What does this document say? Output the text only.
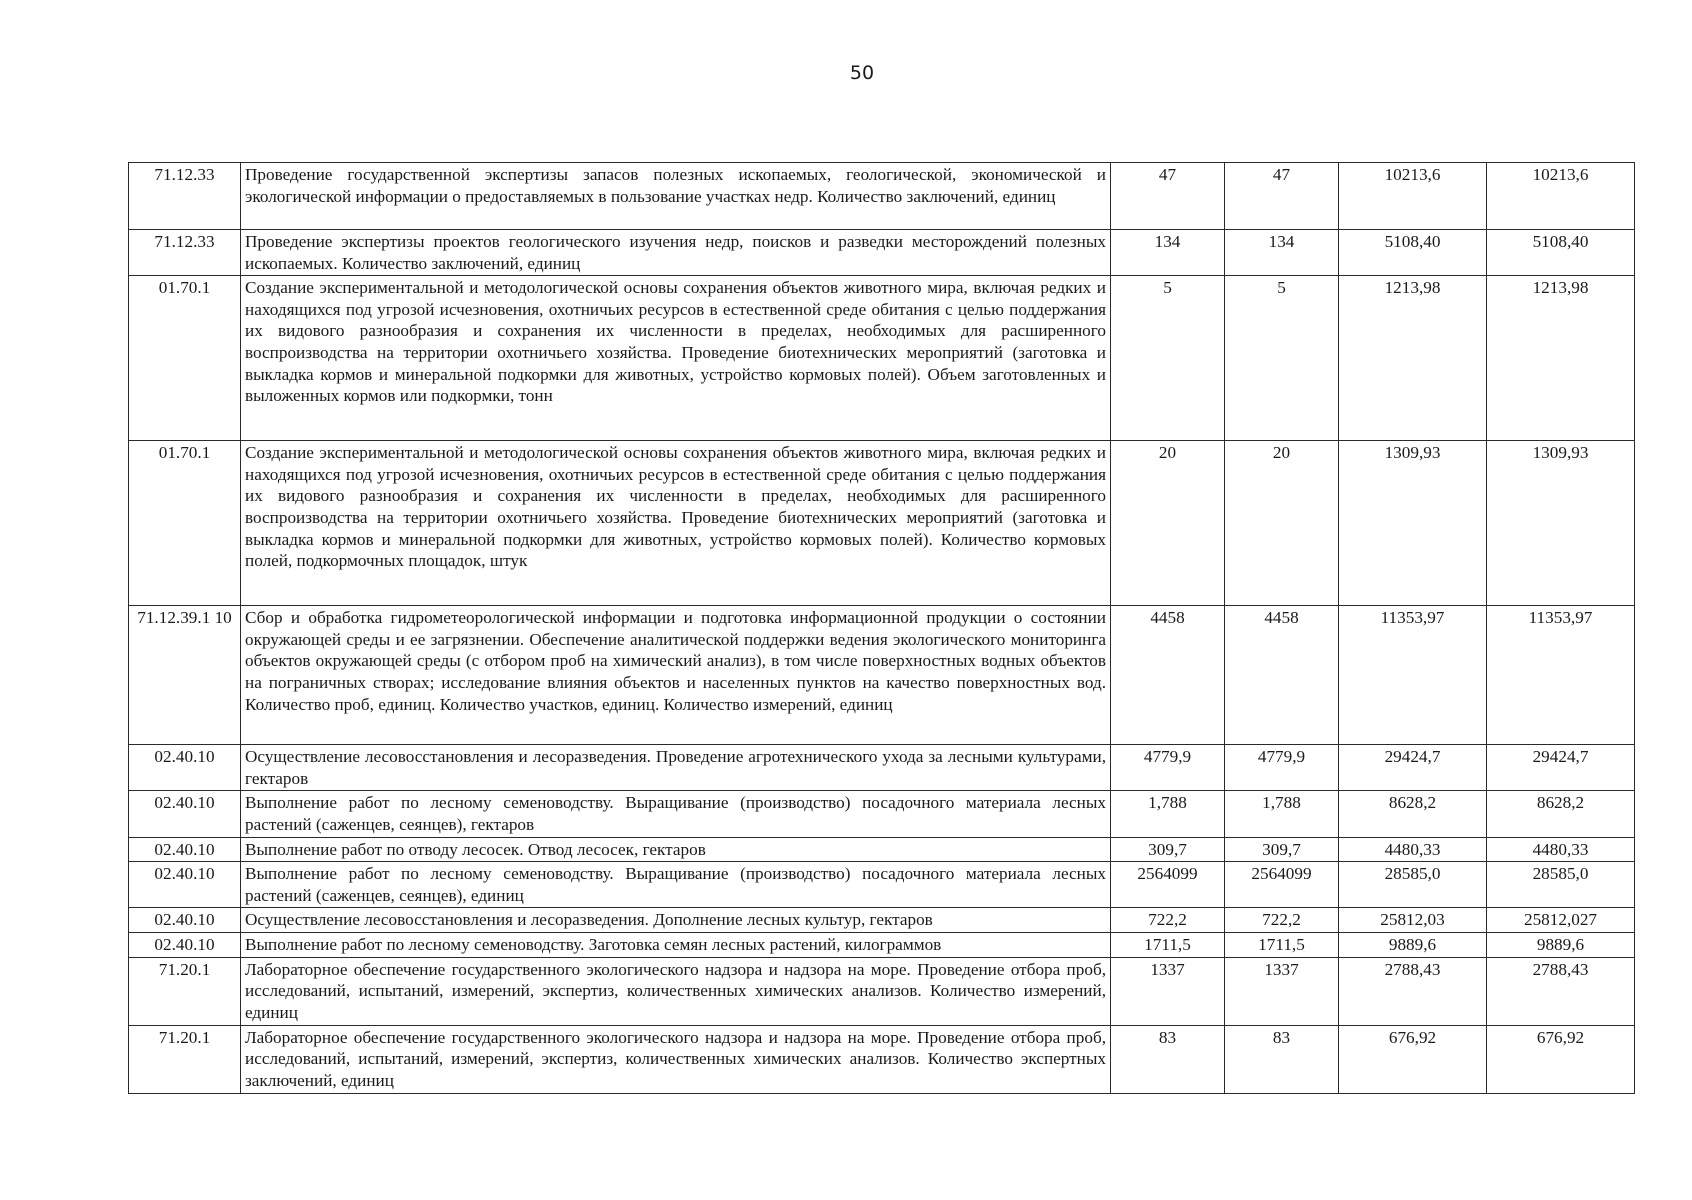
50
71.12.33	Проведение государственной экспертизы запасов полезных ископаемых, геологической, экономической и экологической информации о предоставляемых в пользование участках недр. Количество заключений, единиц	47	47	10213,6	10213,6
71.12.33	Проведение экспертизы проектов геологического изучения недр, поисков и разведки месторождений полезных ископаемых. Количество заключений, единиц	134	134	5108,40	5108,40
01.70.1	Создание экспериментальной и методологической основы сохранения объектов животного мира, включая редких и находящихся под угрозой исчезновения, охотничьих ресурсов в естественной среде обитания с целью поддержания их видового разнообразия и сохранения их численности в пределах, необходимых для расширенного воспроизводства на территории охотничьего хозяйства. Проведение биотехнических мероприятий (заготовка и выкладка кормов и минеральной подкормки для животных, устройство кормовых полей). Объем заготовленных и выложенных кормов или подкормки, тонн	5	5	1213,98	1213,98
01.70.1	Создание экспериментальной и методологической основы сохранения объектов животного мира, включая редких и находящихся под угрозой исчезновения, охотничьих ресурсов в естественной среде обитания с целью поддержания их видового разнообразия и сохранения их численности в пределах, необходимых для расширенного воспроизводства на территории охотничьего хозяйства. Проведение биотехнических мероприятий (заготовка и выкладка кормов и минеральной подкормки для животных, устройство кормовых полей). Количество кормовых полей, подкормочных площадок, штук	20	20	1309,93	1309,93
71.12.39.1 10	Сбор и обработка гидрометеорологической информации и подготовка информационной продукции о состоянии окружающей среды и ее загрязнении. Обеспечение аналитической поддержки ведения экологического мониторинга объектов окружающей среды (с отбором проб на химический анализ), в том числе поверхностных водных объектов на пограничных створах; исследование влияния объектов и населенных пунктов на качество поверхностных вод. Количество проб, единиц. Количество участков, единиц. Количество измерений, единиц	4458	4458	11353,97	11353,97
02.40.10	Осуществление лесовосстановления и лесоразведения. Проведение агротехнического ухода за лесными культурами, гектаров	4779,9	4779,9	29424,7	29424,7
02.40.10	Выполнение работ по лесному семеноводству. Выращивание (производство) посадочного материала лесных растений (саженцев, сеянцев), гектаров	1,788	1,788	8628,2	8628,2
02.40.10	Выполнение работ по отводу лесосек. Отвод лесосек, гектаров	309,7	309,7	4480,33	4480,33
02.40.10	Выполнение работ по лесному семеноводству. Выращивание (производство) посадочного материала лесных растений (саженцев, сеянцев), единиц	2564099	2564099	28585,0	28585,0
02.40.10	Осуществление лесовосстановления и лесоразведения. Дополнение лесных культур, гектаров	722,2	722,2	25812,03	25812,027
02.40.10	Выполнение работ по лесному семеноводству. Заготовка семян лесных растений, килограммов	1711,5	1711,5	9889,6	9889,6
71.20.1	Лабораторное обеспечение государственного экологического надзора и надзора на море. Проведение отбора проб, исследований, испытаний, измерений, экспертиз, количественных химических анализов. Количество измерений, единиц	1337	1337	2788,43	2788,43
71.20.1	Лабораторное обеспечение государственного экологического надзора и надзора на море. Проведение отбора проб, исследований, испытаний, измерений, экспертиз, количественных химических анализов. Количество экспертных заключений, единиц	83	83	676,92	676,92
